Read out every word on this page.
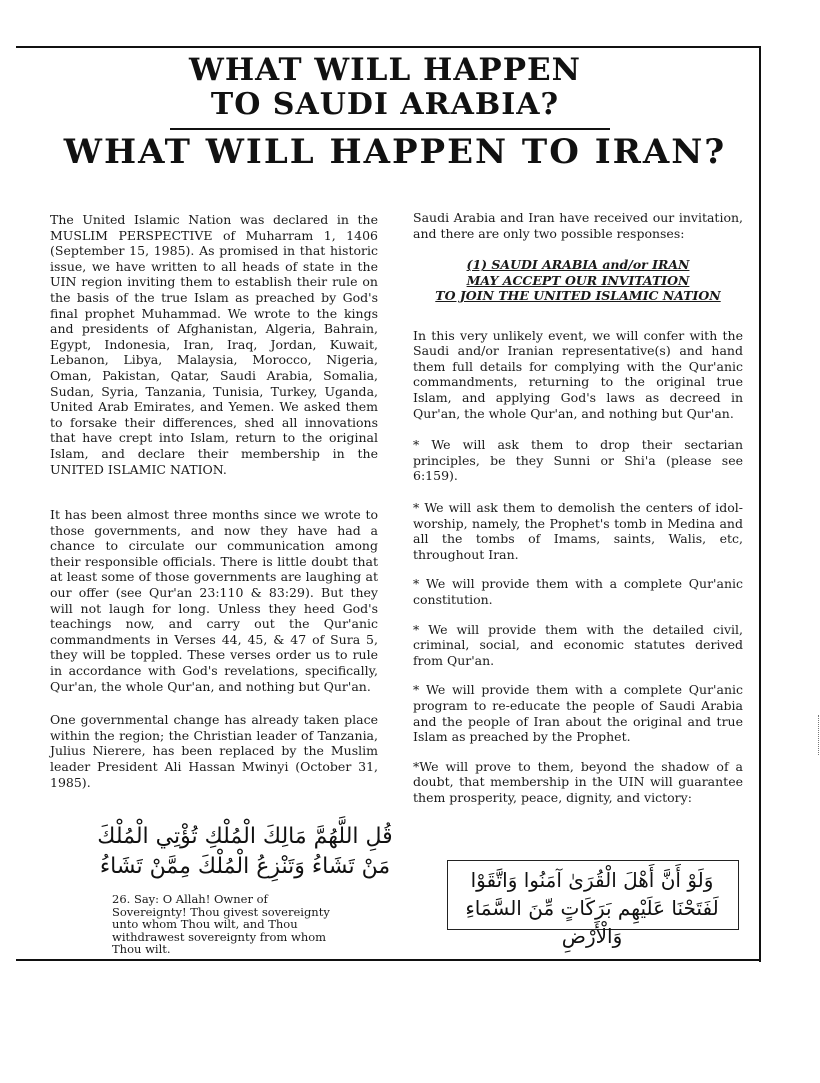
WHAT WILL HAPPEN
TO SAUDI ARABIA?
WHAT WILL HAPPEN TO IRAN?

The United Islamic Nation was declared in the MUSLIM PERSPECTIVE of Muharram 1, 1406 (September 15, 1985). As promised in that historic issue, we have written to all heads of state in the UIN region inviting them to establish their rule on the basis of the true Islam as preached by God's final prophet Muhammad. We wrote to the kings and presidents of Afghanistan, Algeria, Bahrain, Egypt, Indonesia, Iran, Iraq, Jordan, Kuwait, Lebanon, Libya, Malaysia, Morocco, Nigeria, Oman, Pakistan, Qatar, Saudi Arabia, Somalia, Sudan, Syria, Tanzania, Tunisia, Turkey, Uganda, United Arab Emirates, and Yemen. We asked them to forsake their differences, shed all innovations that have crept into Islam, return to the original Islam, and declare their membership in the UNITED ISLAMIC NATION.

It has been almost three months since we wrote to those governments, and now they have had a chance to circulate our communication among their responsible officials. There is little doubt that at least some of those governments are laughing at our offer (see Qur'an 23:110 & 83:29). But they will not laugh for long. Unless they heed God's teachings now, and carry out the Qur'anic commandments in Verses 44, 45, & 47 of Sura 5, they will be toppled. These verses order us to rule in accordance with God's revelations, specifically, Qur'an, the whole Qur'an, and nothing but Qur'an.

One governmental change has already taken place within the region; the Christian leader of Tanzania, Julius Nierere, has been replaced by the Muslim leader President Ali Hassan Mwinyi (October 31, 1985).

قُلِ اللَّهُمَّ مَالِكَ الْمُلْكِ تُؤْتِي الْمُلْكَ مَنْ تَشَاءُ وَتَنْزِعُ الْمُلْكَ مِمَّنْ تَشَاءُ
26. Say: O Allah! Owner of Sovereignty! Thou givest sovereignty unto whom Thou wilt, and Thou withdrawest sovereignty from whom Thou wilt.

Saudi Arabia and Iran have received our invitation, and there are only two possible responses:

(1) SAUDI ARABIA and/or IRAN
MAY ACCEPT OUR INVITATION
TO JOIN THE UNITED ISLAMIC NATION

In this very unlikely event, we will confer with the Saudi and/or Iranian representative(s) and hand them full details for complying with the Qur'anic commandments, returning to the original true Islam, and applying God's laws as decreed in Qur'an, the whole Qur'an, and nothing but Qur'an.

* We will ask them to drop their sectarian principles, be they Sunni or Shi'a (please see 6:159).

* We will ask them to demolish the centers of idol-worship, namely, the Prophet's tomb in Medina and all the tombs of Imams, saints, Walis, etc, throughout Iran.

* We will provide them with a complete Qur'anic constitution.

* We will provide them with the detailed civil, criminal, social, and economic statutes derived from Qur'an.

* We will provide them with a complete Qur'anic program to re-educate the people of Saudi Arabia and the people of Iran about the original and true Islam as preached by the Prophet.

*We will prove to them, beyond the shadow of a doubt, that membership in the UIN will guarantee them prosperity, peace, dignity, and victory:

وَلَوْ أَنَّ أَهْلَ الْقُرَىٰ آمَنُوا وَاتَّقَوْا لَفَتَحْنَا عَلَيْهِم بَرَكَاتٍ مِّنَ السَّمَاءِ وَالْأَرْضِ
